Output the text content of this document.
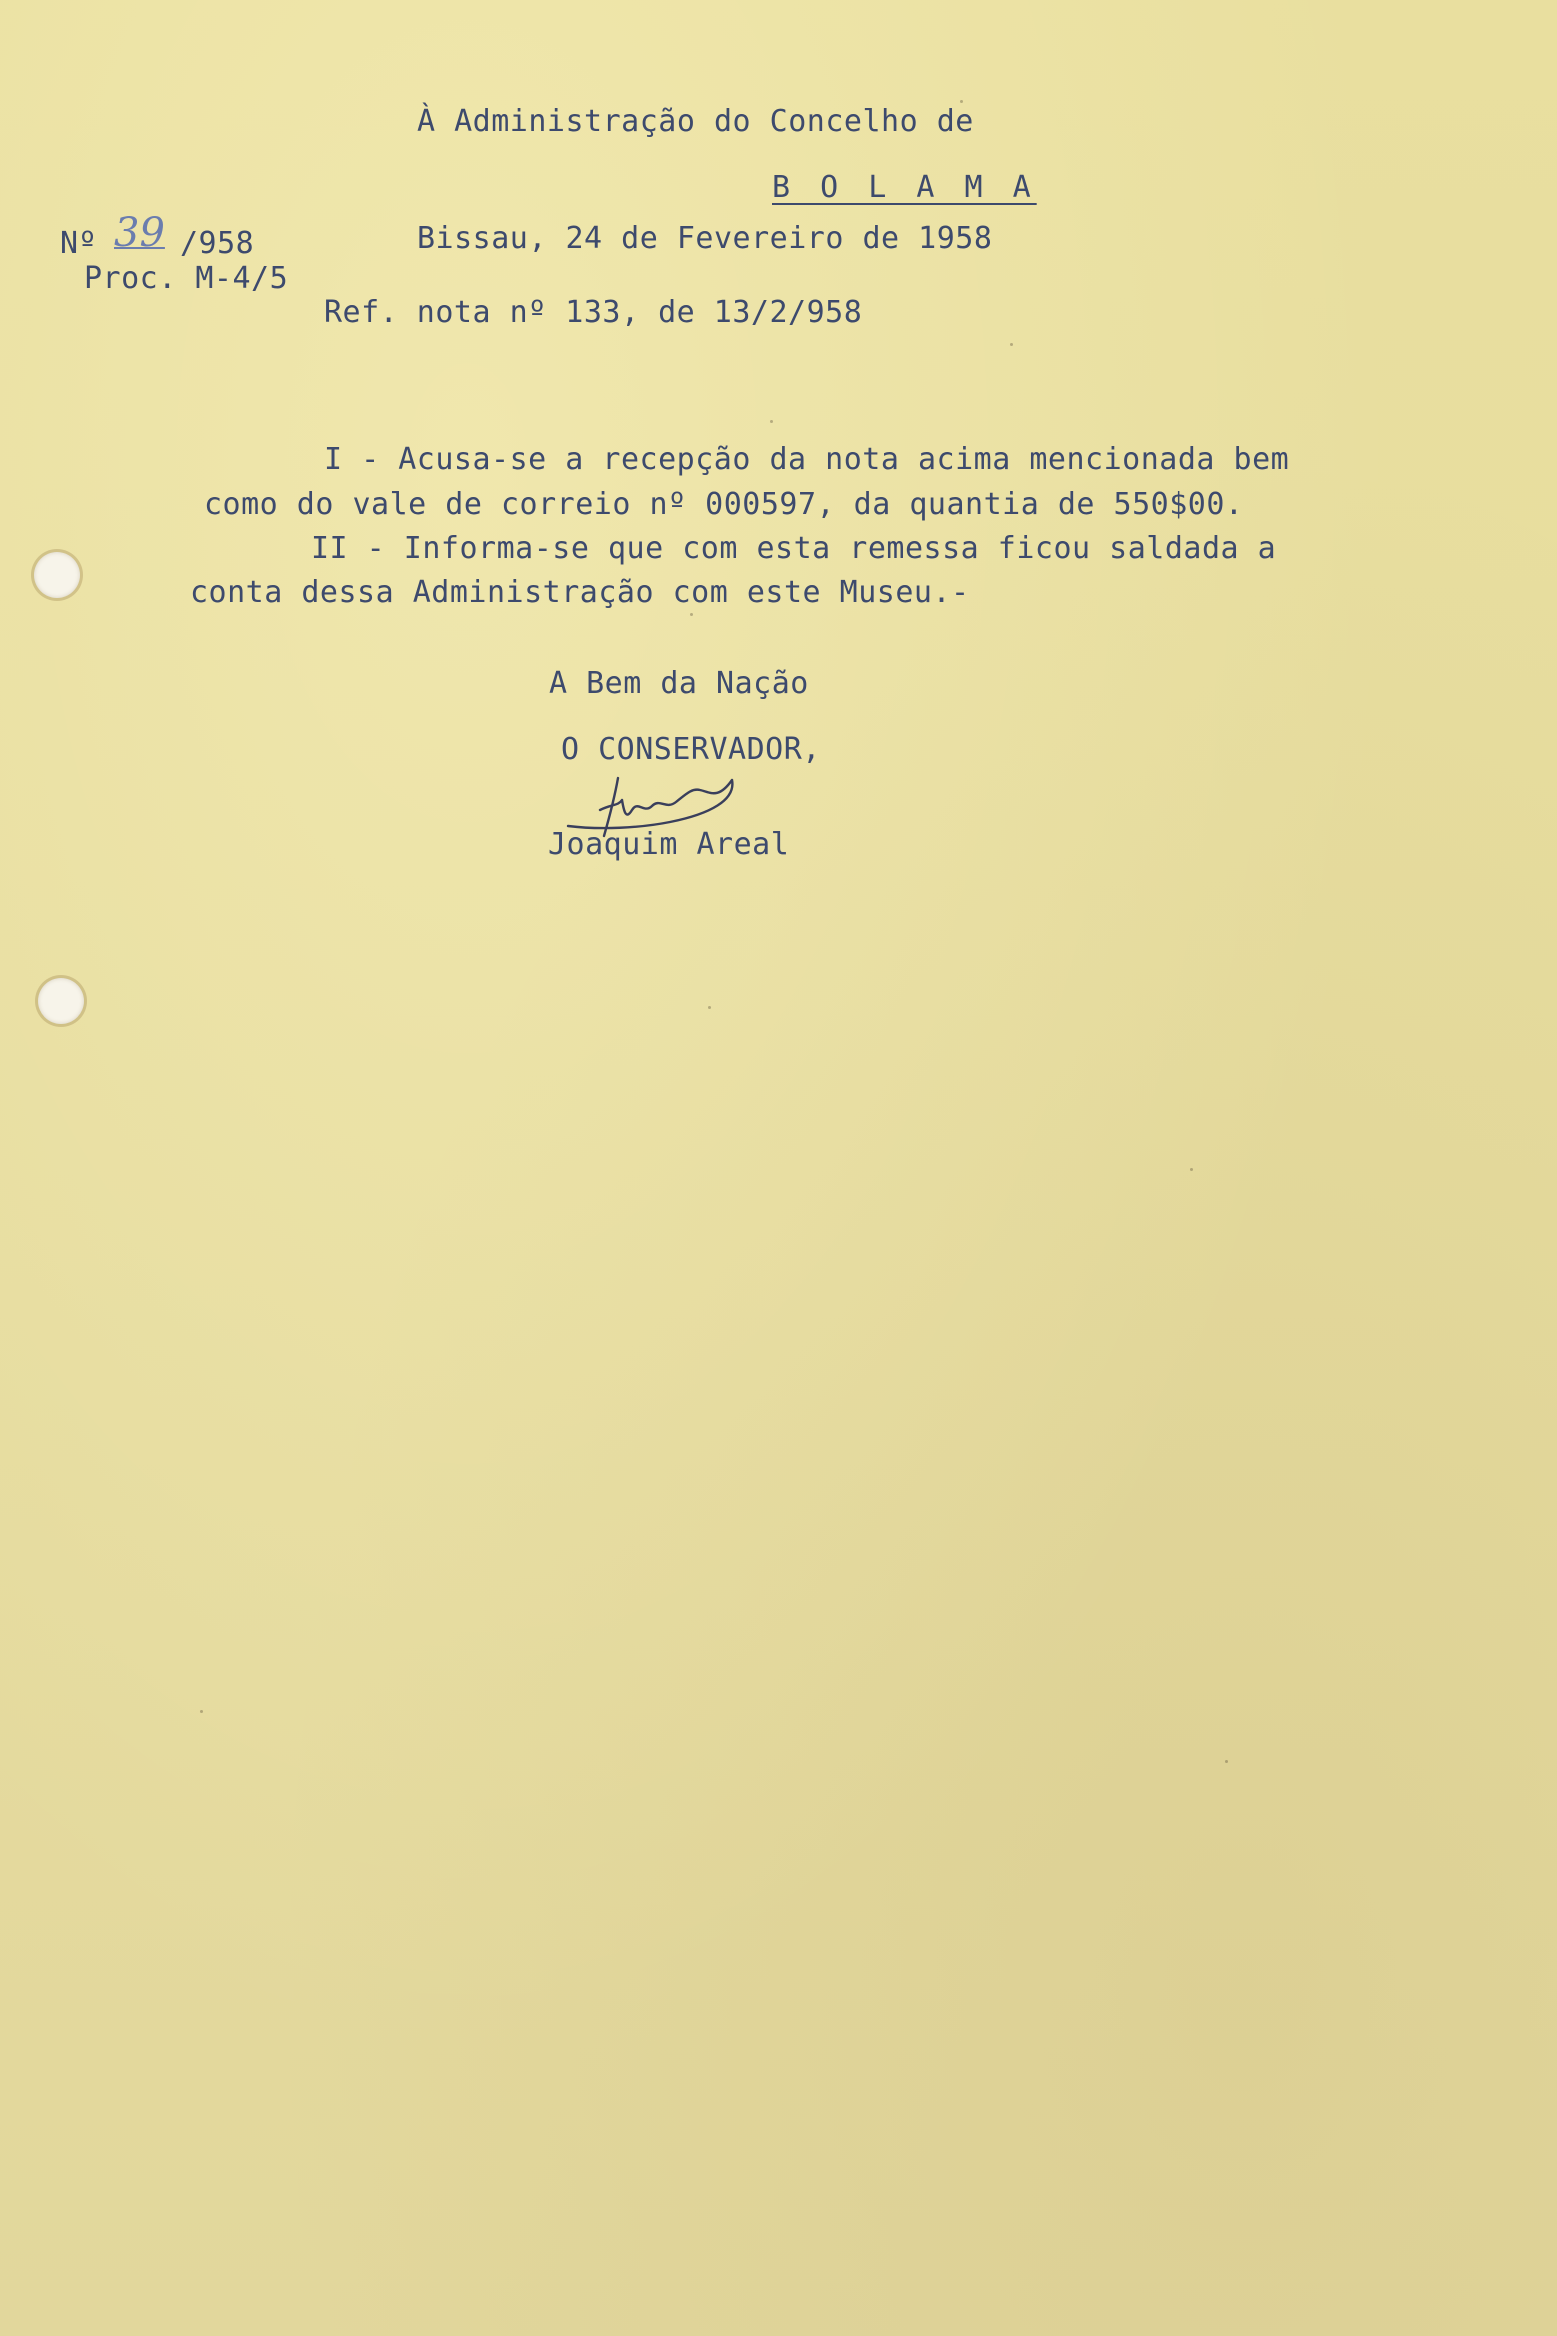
À Administração do Concelho de
B O L A M A
Nº 39 /958
Proc. M-4/5
Bissau, 24 de Fevereiro de 1958
Ref. nota nº 133, de 13/2/958
I - Acusa-se a recepção da nota acima mencionada bem
como do vale de correio nº 000597, da quantia de 550$00.
II - Informa-se que com esta remessa ficou saldada a
conta dessa Administração com este Museu.-
A Bem da Nação
O CONSERVADOR,
Joaquim Areal
